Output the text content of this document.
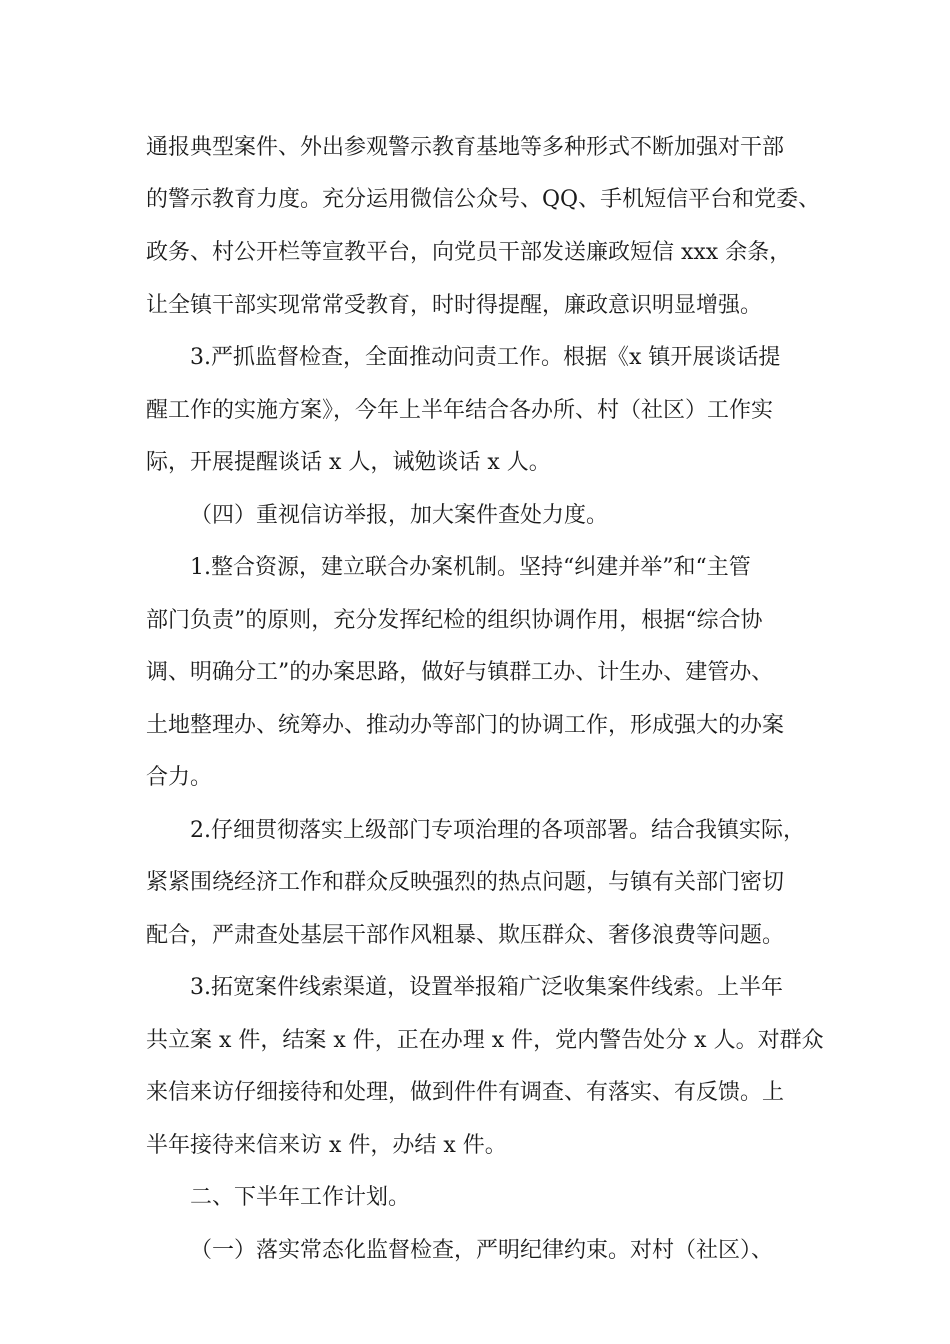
通报典型案件、外出参观警示教育基地等多种形式不断加强对干部
的警示教育力度。充分运用微信公众号、QQ、手机短信平台和党委、
政务、村公开栏等宣教平台，向党员干部发送廉政短信 xxx 余条，
让全镇干部实现常常受教育，时时得提醒，廉政意识明显增强。
3.严抓监督检查，全面推动问责工作。根据《x 镇开展谈话提
醒工作的实施方案》，今年上半年结合各办所、村（社区）工作实
际，开展提醒谈话 x 人，诫勉谈话 x 人。
（四）重视信访举报，加大案件查处力度。
1.整合资源，建立联合办案机制。坚持“纠建并举”和“主管
部门负责”的原则，充分发挥纪检的组织协调作用，根据“综合协
调、明确分工”的办案思路，做好与镇群工办、计生办、建管办、
土地整理办、统筹办、推动办等部门的协调工作，形成强大的办案
合力。
2.仔细贯彻落实上级部门专项治理的各项部署。结合我镇实际，
紧紧围绕经济工作和群众反映强烈的热点问题，与镇有关部门密切
配合，严肃查处基层干部作风粗暴、欺压群众、奢侈浪费等问题。
3.拓宽案件线索渠道，设置举报箱广泛收集案件线索。上半年
共立案 x 件，结案 x 件，正在办理 x 件，党内警告处分 x 人。对群众
来信来访仔细接待和处理，做到件件有调查、有落实、有反馈。上
半年接待来信来访 x 件，办结 x 件。
二、下半年工作计划。
（一）落实常态化监督检查，严明纪律约束。对村（社区）、
